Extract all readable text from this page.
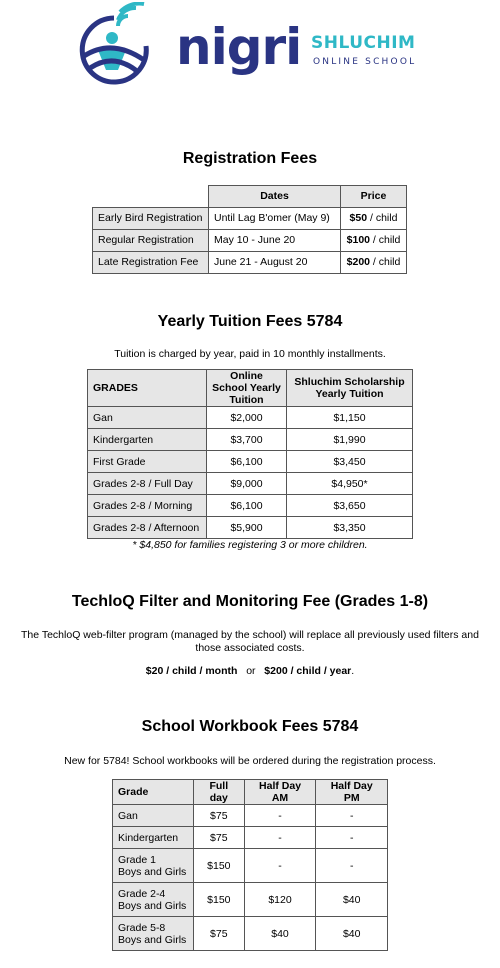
nigri SHLUCHIM
ONLINE SCHOOL
Registration Fees
	Dates	Price
Early Bird Registration	Until Lag B'omer (May 9)	$50 / child
Regular Registration	May 10 - June 20	$100 / child
Late Registration Fee	June 21 - August 20	$200 / child
Yearly Tuition Fees 5784
Tuition is charged by year, paid in 10 monthly installments.
GRADES	Online School Yearly Tuition	Shluchim Scholarship Yearly Tuition
Gan	$2,000	$1,150
Kindergarten	$3,700	$1,990
First Grade	$6,100	$3,450
Grades 2-8 / Full Day	$9,000	$4,950*
Grades 2-8 / Morning	$6,100	$3,650
Grades 2-8 / Afternoon	$5,900	$3,350
* $4,850 for families registering 3 or more children.
TechloQ Filter and Monitoring Fee (Grades 1-8)
The TechloQ web-filter program (managed by the school) will replace all previously used filters and those associated costs.
$20 / child / month or $200 / child / year.
School Workbook Fees 5784
New for 5784! School workbooks will be ordered during the registration process.
Grade	Full day	Half Day AM	Half Day PM
Gan	$75	-	-
Kindergarten	$75	-	-
Grade 1
Boys and Girls	$150	-	-
Grade 2-4
Boys and Girls	$150	$120	$40
Grade 5-8
Boys and Girls	$75	$40	$40
